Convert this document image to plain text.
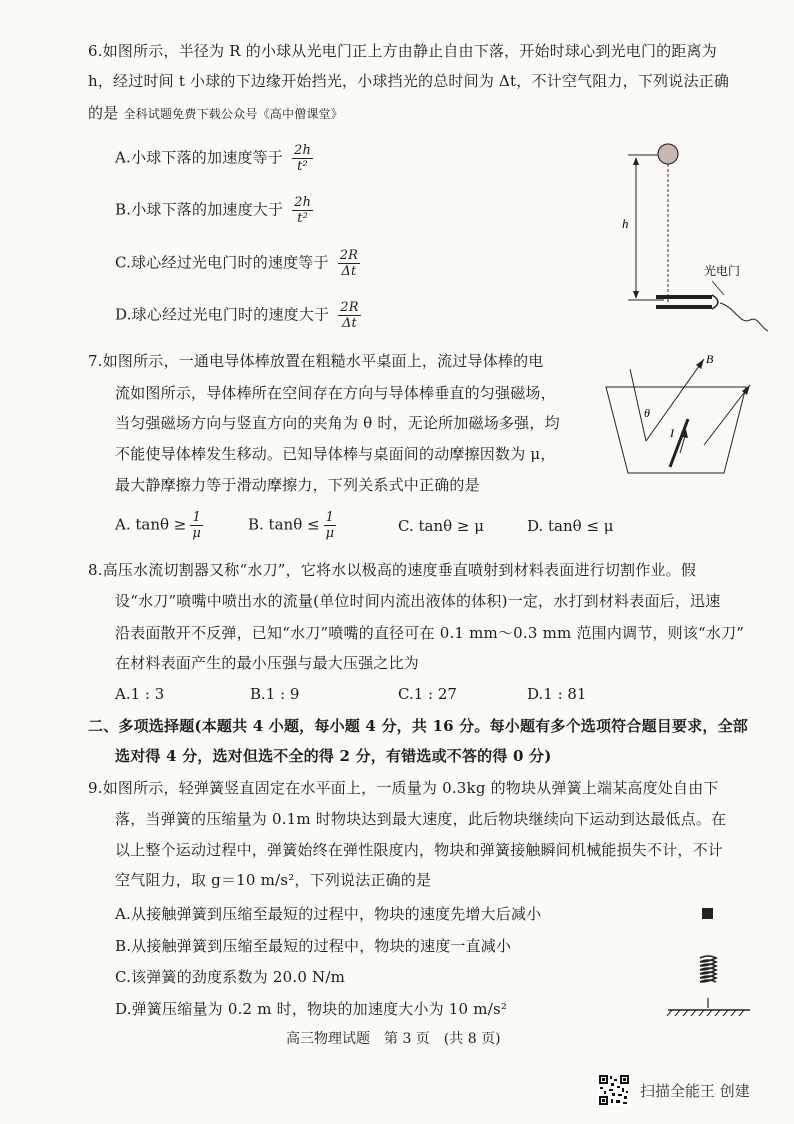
6.如图所示，半径为 R 的小球从光电门正上方由静止自由下落，开始时球心到光电门的距离为
h，经过时间 t 小球的下边缘开始挡光，小球挡光的总时间为 Δt，不计空气阻力，下列说法正确
的是 全科试题免费下载公众号《高中僧课堂》
A.小球下落的加速度等于 $\frac{2h}{\text{t²}}$
B.小球下落的加速度大于 $\frac{2h}{\text{t²}}$
C.球心经过光电门时的速度等于 $\frac{2R}{\Delta t}$
D.球心经过光电门时的速度大于 $\frac{2R}{\Delta t}$
h
光电门
7.如图所示，一通电导体棒放置在粗糙水平桌面上，流过导体棒的电
流如图所示，导体棒所在空间存在方向与导体棒垂直的匀强磁场，
当匀强磁场方向与竖直方向的夹角为 θ 时，无论所加磁场多强，均
不能使导体棒发生移动。已知导体棒与桌面间的动摩擦因数为 μ，
最大静摩擦力等于滑动摩擦力，下列关系式中正确的是
A. $\tan\theta \ge \frac{1}{\mu}$	B. $\tan\theta \le \frac{1}{\mu}$	C. tanθ ≥ μ	D. tanθ ≤ μ
B
θ
I
8.高压水流切割器又称“水刀”，它将水以极高的速度垂直喷射到材料表面进行切割作业。假
设“水刀”喷嘴中喷出水的流量(单位时间内流出液体的体积)一定，水打到材料表面后，迅速
沿表面散开不反弹，已知“水刀”喷嘴的直径可在 0.1 mm～0.3 mm 范围内调节，则该“水刀”
在材料表面产生的最小压强与最大压强之比为
A.1 : 3	B.1 : 9	C.1 : 27	D.1 : 81
二、多项选择题(本题共 4 小题，每小题 4 分，共 16 分。每小题有多个选项符合题目要求，全部
选对得 4 分，选对但选不全的得 2 分，有错选或不答的得 0 分)
9.如图所示，轻弹簧竖直固定在水平面上，一质量为 0.3kg 的物块从弹簧上端某高度处自由下
落，当弹簧的压缩量为 0.1m 时物块达到最大速度，此后物块继续向下运动到达最低点。在
以上整个运动过程中，弹簧始终在弹性限度内，物块和弹簧接触瞬间机械能损失不计，不计
空气阻力，取 g＝10 m/s²，下列说法正确的是
A.从接触弹簧到压缩至最短的过程中，物块的速度先增大后减小
B.从接触弹簧到压缩至最短的过程中，物块的速度一直减小
C.该弹簧的劲度系数为 20.0 N/m
D.弹簧压缩量为 0.2 m 时，物块的加速度大小为 10 m/s²
高三物理试题　第 3 页　(共 8 页)
扫描全能王 创建
